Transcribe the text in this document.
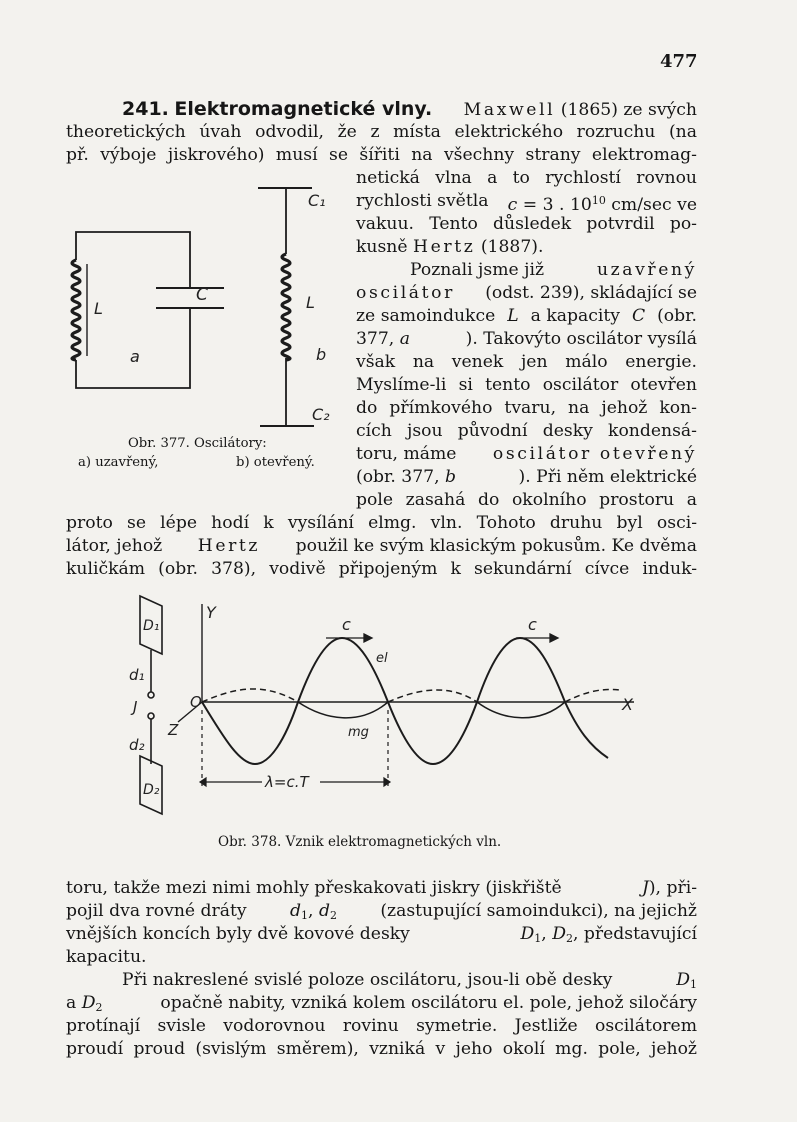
477
241. Elektromagnetické vlny. Maxwell (1865) ze svých
theoretických úvah odvodil, že z místa elektrického rozruchu (na
př. výboje jiskrového) musí se šířiti na všechny strany elektromag-
netická vlna a to rychlostí rovnou
rychlosti světla c = 3 . $10^{10}$ cm/sec ve
vakuu. Tento důsledek potvrdil po-
kusně Hertz (1887).
Poznali jsme již	uzavřený
oscilátor (odst. 239), skládající se
ze samoindukce L a kapacity C (obr.
377, a	). Takovýto oscilátor vysílá
však na venek jen málo energie.
Myslíme-li si tento oscilátor otevřen
do přímkového tvaru, na jehož kon-
cích jsou původní desky kondensá-
toru, máme oscilátor otevřený
(obr. 377, b	). Při něm elektrické
pole zasahá do okolního prostoru a
proto se lépe hodí k vysílání elmg. vln. Tohoto druhu byl osci-
látor, jehož Hertz použil ke svým klasickým pokusům. Ke dvěma
kuličkám (obr. 378), vodivě připojeným k sekundární cívce induk-
L
C
a
C₁
L
b
C₂
Obr. 377. Oscilátory:
a) uzavřený,	b) otevřený.
D₁
d₁
J
d₂
D₂
Y
O
Z
X
c	c
el
mg
λ=c.T
Obr. 378. Vznik elektromagnetických vln.
toru, takže mezi nimi mohly přeskakovati jiskry (jiskřiště	J), při-
pojil dva rovné dráty	$d_1$, $d_2$	(zastupující samoindukci), na jejichž
vnějších koncích byly dvě kovové desky	$D_1$, $D_2$, představující
kapacitu.
Při nakreslené svislé poloze oscilátoru, jsou-li obě desky	$D_1$
a $D_2$	opačně nabity, vzniká kolem oscilátoru el. pole, jehož siločáry
protínají svisle vodorovnou rovinu symetrie. Jestliže oscilátorem
proudí proud (svislým směrem), vzniká v jeho okolí mg. pole, jehož
